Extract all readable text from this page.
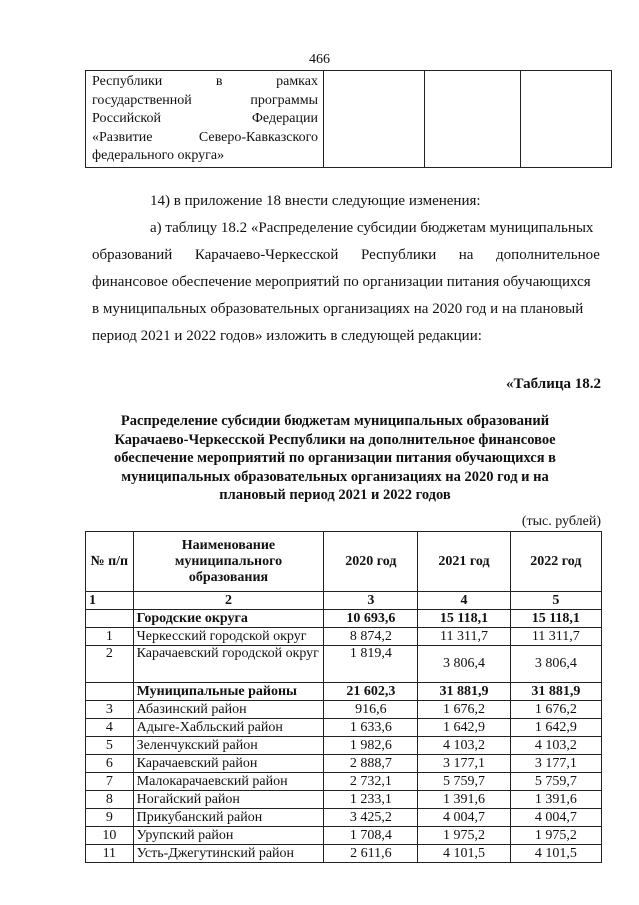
466
Республики	в	рамках
государственной	программы
Российской	Федерации
«Развитие	Северо-Кавказского
федерального округа»

14) в приложение 18 внести следующие изменения:
а) таблицу 18.2 «Распределение субсидии бюджетам муниципальных
образований Карачаево-Черкесской Республики на дополнительное
финансовое обеспечение мероприятий по организации питания обучающихся
в муниципальных образовательных организациях на 2020 год и на плановый
период 2021 и 2022 годов» изложить в следующей редакции:
«Таблица 18.2
Распределение субсидии бюджетам муниципальных образований
Карачаево-Черкесской Республики на дополнительное финансовое
обеспечение мероприятий по организации питания обучающихся в
муниципальных образовательных организациях на 2020 год и на
плановый период 2021 и 2022 годов
(тыс. рублей)
№ п/п	Наименование муниципального образования	2020 год	2021 год	2022 год
1	2	3	4	5
	Городские округа	10 693,6	15 118,1	15 118,1
1	Черкесский городской округ	8 874,2	11 311,7	11 311,7
2	Карачаевский городской округ	1 819,4	3 806,4	3 806,4
	Муниципальные районы	21 602,3	31 881,9	31 881,9
3	Абазинский район	916,6	1 676,2	1 676,2
4	Адыге-Хабльский район	1 633,6	1 642,9	1 642,9
5	Зеленчукский район	1 982,6	4 103,2	4 103,2
6	Карачаевский район	2 888,7	3 177,1	3 177,1
7	Малокарачаевский район	2 732,1	5 759,7	5 759,7
8	Ногайский район	1 233,1	1 391,6	1 391,6
9	Прикубанский район	3 425,2	4 004,7	4 004,7
10	Урупский район	1 708,4	1 975,2	1 975,2
11	Усть-Джегутинский район	2 611,6	4 101,5	4 101,5
